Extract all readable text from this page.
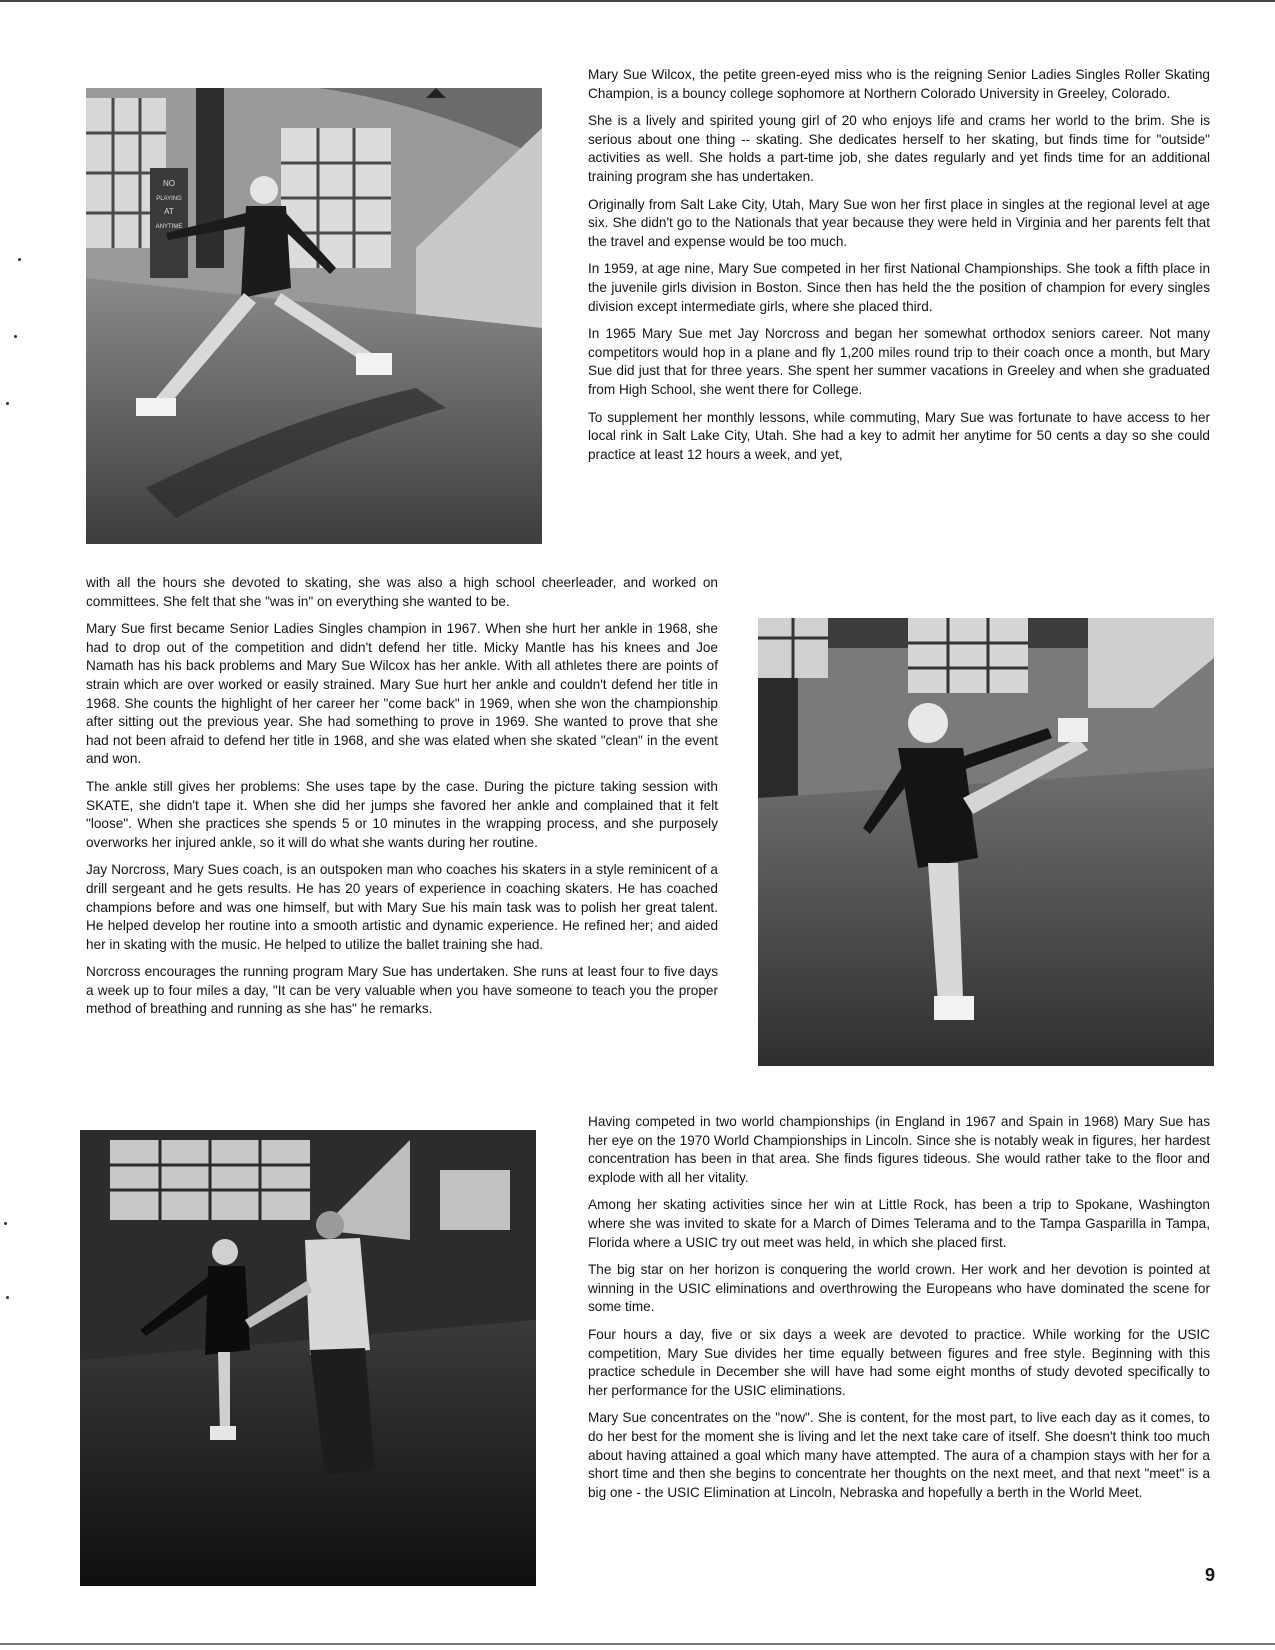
NO
PLAYING
AT
ANYTIME

Mary Sue Wilcox, the petite green-eyed miss who is the reigning Senior Ladies Singles Roller Skating Champion, is a bouncy college sophomore at Northern Colorado University in Greeley, Colorado.

She is a lively and spirited young girl of 20 who enjoys life and crams her world to the brim. She is serious about one thing -- skating. She dedicates herself to her skating, but finds time for "outside" activities as well. She holds a part-time job, she dates regularly and yet finds time for an additional training program she has undertaken.

Originally from Salt Lake City, Utah, Mary Sue won her first place in singles at the regional level at age six. She didn't go to the Nationals that year because they were held in Virginia and her parents felt that the travel and expense would be too much.

In 1959, at age nine, Mary Sue competed in her first National Championships. She took a fifth place in the juvenile girls division in Boston. Since then has held the the position of champion for every singles division except intermediate girls, where she placed third.

In 1965 Mary Sue met Jay Norcross and began her somewhat orthodox seniors career. Not many competitors would hop in a plane and fly 1,200 miles round trip to their coach once a month, but Mary Sue did just that for three years. She spent her summer vacations in Greeley and when she graduated from High School, she went there for College.

To supplement her monthly lessons, while commuting, Mary Sue was fortunate to have access to her local rink in Salt Lake City, Utah. She had a key to admit her anytime for 50 cents a day so she could practice at least 12 hours a week, and yet,

with all the hours she devoted to skating, she was also a high school cheerleader, and worked on committees. She felt that she "was in" on everything she wanted to be.

Mary Sue first became Senior Ladies Singles champion in 1967. When she hurt her ankle in 1968, she had to drop out of the competition and didn't defend her title. Micky Mantle has his knees and Joe Namath has his back problems and Mary Sue Wilcox has her ankle. With all athletes there are points of strain which are over worked or easily strained. Mary Sue hurt her ankle and couldn't defend her title in 1968. She counts the highlight of her career her "come back" in 1969, when she won the championship after sitting out the previous year. She had something to prove in 1969. She wanted to prove that she had not been afraid to defend her title in 1968, and she was elated when she skated "clean" in the event and won.

The ankle still gives her problems: She uses tape by the case. During the picture taking session with SKATE, she didn't tape it. When she did her jumps she favored her ankle and complained that it felt "loose". When she practices she spends 5 or 10 minutes in the wrapping process, and she purposely overworks her injured ankle, so it will do what she wants during her routine.

Jay Norcross, Mary Sues coach, is an outspoken man who coaches his skaters in a style reminicent of a drill sergeant and he gets results. He has 20 years of experience in coaching skaters. He has coached champions before and was one himself, but with Mary Sue his main task was to polish her great talent. He helped develop her routine into a smooth artistic and dynamic experience. He refined her; and aided her in skating with the music. He helped to utilize the ballet training she had.

Norcross encourages the running program Mary Sue has undertaken. She runs at least four to five days a week up to four miles a day, "It can be very valuable when you have someone to teach you the proper method of breathing and running as she has" he remarks.

Having competed in two world championships (in England in 1967 and Spain in 1968) Mary Sue has her eye on the 1970 World Championships in Lincoln. Since she is notably weak in figures, her hardest concentration has been in that area. She finds figures tideous. She would rather take to the floor and explode with all her vitality.

Among her skating activities since her win at Little Rock, has been a trip to Spokane, Washington where she was invited to skate for a March of Dimes Telerama and to the Tampa Gasparilla in Tampa, Florida where a USIC try out meet was held, in which she placed first.

The big star on her horizon is conquering the world crown. Her work and her devotion is pointed at winning in the USIC eliminations and overthrowing the Europeans who have dominated the scene for some time.

Four hours a day, five or six days a week are devoted to practice. While working for the USIC competition, Mary Sue divides her time equally between figures and free style. Beginning with this practice schedule in December she will have had some eight months of study devoted specifically to her performance for the USIC eliminations.

Mary Sue concentrates on the "now". She is content, for the most part, to live each day as it comes, to do her best for the moment she is living and let the next take care of itself. She doesn't think too much about having attained a goal which many have attempted. The aura of a champion stays with her for a short time and then she begins to concentrate her thoughts on the next meet, and that next "meet" is a big one - the USIC Elimination at Lincoln, Nebraska and hopefully a berth in the World Meet.

9
